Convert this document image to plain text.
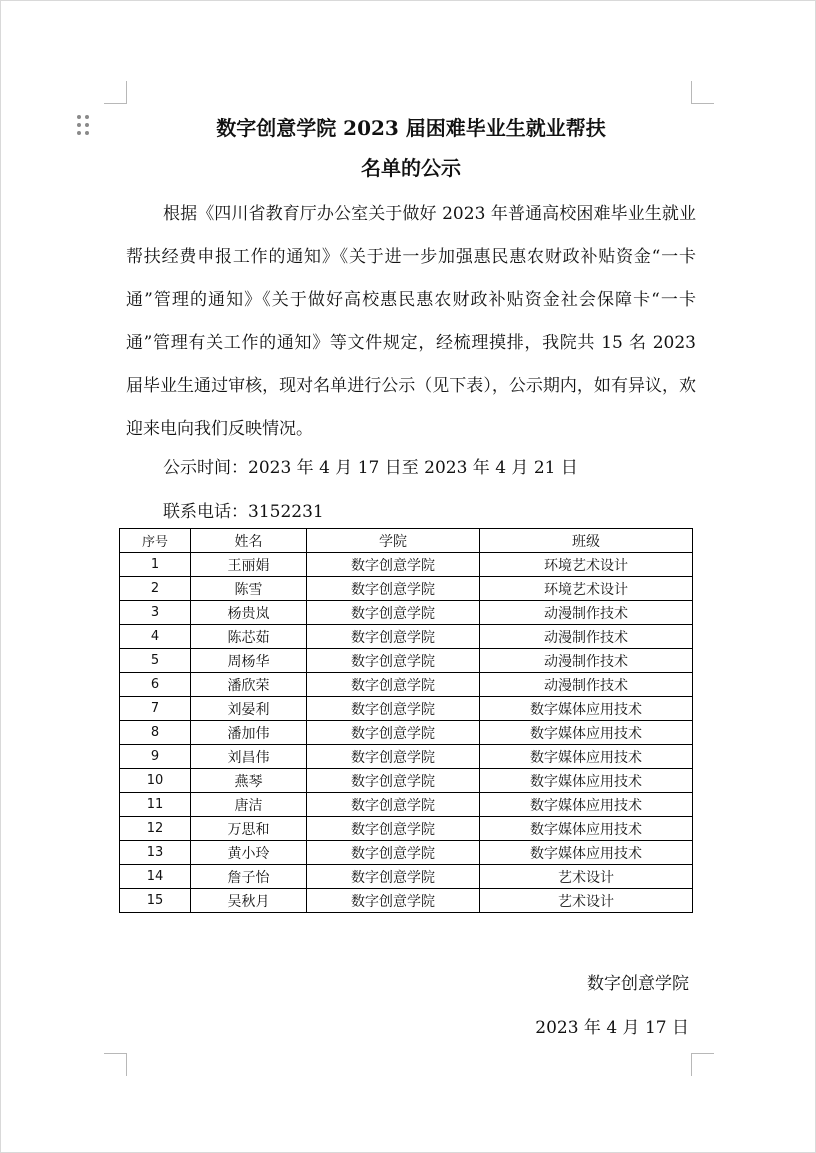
数字创意学院 2023 届困难毕业生就业帮扶
名单的公示

根据《四川省教育厅办公室关于做好 2023 年普通高校困难毕业生就业帮扶经费申报工作的通知》《关于进一步加强惠民惠农财政补贴资金“一卡通”管理的通知》《关于做好高校惠民惠农财政补贴资金社会保障卡“一卡通”管理有关工作的通知》等文件规定，经梳理摸排，我院共 15 名 2023 届毕业生通过审核，现对名单进行公示（见下表），公示期内，如有异议，欢迎来电向我们反映情况。

公示时间：2023 年 4 月 17 日至 2023 年 4 月 21 日
联系电话：3152231
序号	姓名	学院	班级
1	王丽娟	数字创意学院	环境艺术设计
2	陈雪	数字创意学院	环境艺术设计
3	杨贵岚	数字创意学院	动漫制作技术
4	陈芯茹	数字创意学院	动漫制作技术
5	周杨华	数字创意学院	动漫制作技术
6	潘欣荣	数字创意学院	动漫制作技术
7	刘晏利	数字创意学院	数字媒体应用技术
8	潘加伟	数字创意学院	数字媒体应用技术
9	刘昌伟	数字创意学院	数字媒体应用技术
10	燕琴	数字创意学院	数字媒体应用技术
11	唐洁	数字创意学院	数字媒体应用技术
12	万思和	数字创意学院	数字媒体应用技术
13	黄小玲	数字创意学院	数字媒体应用技术
14	詹子怡	数字创意学院	艺术设计
15	吴秋月	数字创意学院	艺术设计
数字创意学院
2023 年 4 月 17 日
